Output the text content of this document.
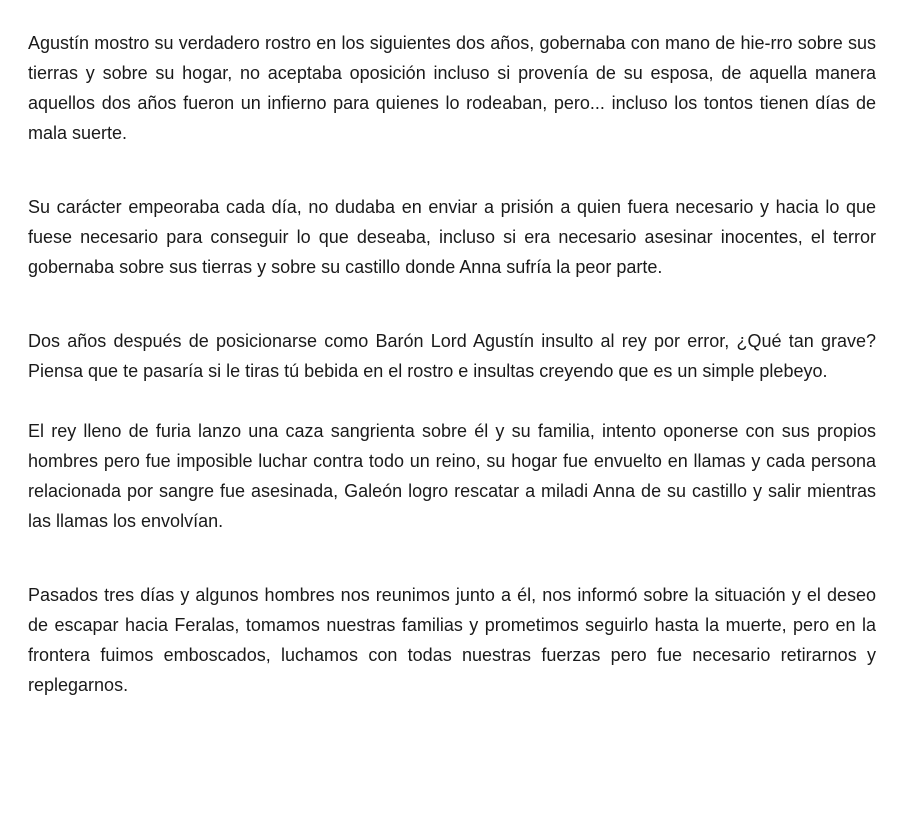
Agustín mostro su verdadero rostro en los siguientes dos años, gobernaba con mano de hie-rro sobre sus tierras y sobre su hogar, no aceptaba oposición incluso si provenía de su esposa, de aquella manera aquellos dos años fueron un infierno para quienes lo rodeaban, pero... incluso los tontos tienen días de mala suerte.

Su carácter empeoraba cada día, no dudaba en enviar a prisión a quien fuera necesario y hacia lo que fuese necesario para conseguir lo que deseaba, incluso si era necesario asesinar inocentes, el terror gobernaba sobre sus tierras y sobre su castillo donde Anna sufría la peor parte.

Dos años después de posicionarse como Barón Lord Agustín insulto al rey por error, ¿Qué tan grave? Piensa que te pasaría si le tiras tú bebida en el rostro e insultas creyendo que es un simple plebeyo.

El rey lleno de furia lanzo una caza sangrienta sobre él y su familia, intento oponerse con sus propios hombres pero fue imposible luchar contra todo un reino, su hogar fue envuelto en llamas y cada persona relacionada por sangre fue asesinada, Galeón logro rescatar a miladi Anna de su castillo y salir mientras las llamas los envolvían.

Pasados tres días y algunos hombres nos reunimos junto a él, nos informó sobre la situación y el deseo de escapar hacia Feralas, tomamos nuestras familias y prometimos seguirlo hasta la muerte, pero en la frontera fuimos emboscados, luchamos con todas nuestras fuerzas pero fue necesario retirarnos y replegarnos.
